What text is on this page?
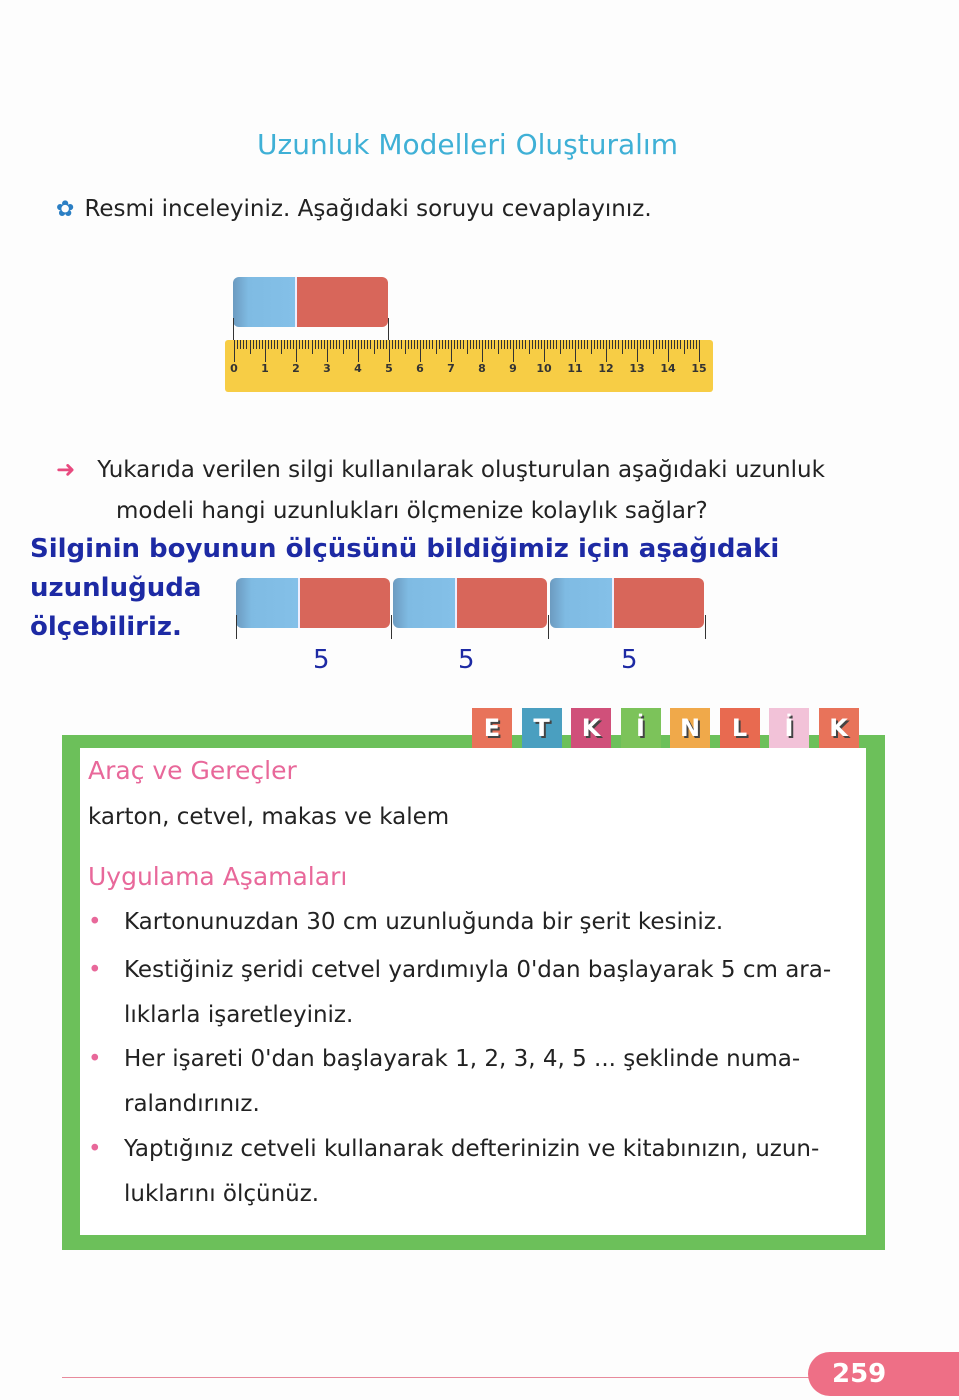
Uzunluk Modelleri Oluşturalım
✿ Resmi inceleyiniz. Aşağıdaki soruyu cevaplayınız.
0 1 2 3 4 5 6 7 8 9 10 11 12 13 14 15
➜ Yukarıda verilen silgi kullanılarak oluşturulan aşağıdaki uzunluk
modeli hangi uzunlukları ölçmenize kolaylık sağlar?
Silginin boyunun ölçüsünü bildiğimiz için aşağıdaki uzunluğuda
ölçebiliriz.
5	5	5
E	T	K	İ	N	L	İ	K
Araç ve Gereçler
karton, cetvel, makas ve kalem
Uygulama Aşamaları
• Kartonunuzdan 30 cm uzunluğunda bir şerit kesiniz.
• Kestiğiniz şeridi cetvel yardımıyla 0'dan başlayarak 5 cm ara-lıklarla işaretleyiniz.
• Her işareti 0'dan başlayarak 1, 2, 3, 4, 5 ... şeklinde numa-ralandırınız.
• Yaptığınız cetveli kullanarak defterinizin ve kitabınızın, uzun-luklarını ölçünüz.
259
